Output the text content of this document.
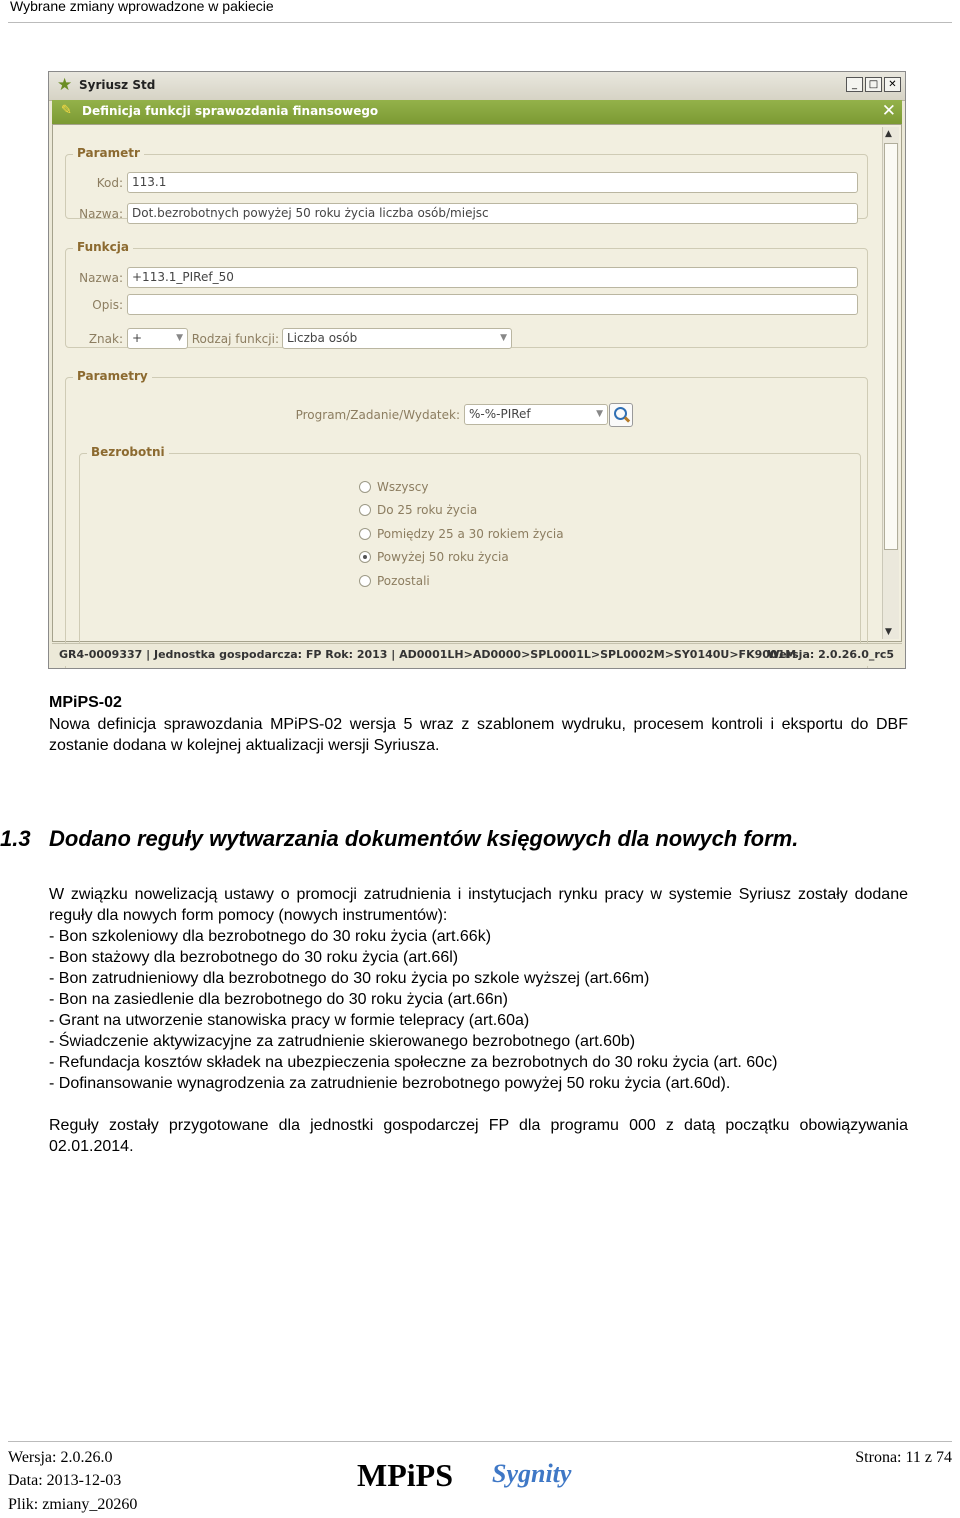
Wybrane zmiany wprowadzone w pakiecie
★ Syriusz Std	_	□	✕
✎ Definicja funkcji sprawozdania finansowego	✕
▲
▼
Parametr
Kod: 113.1
Nazwa: Dot.bezrobotnych powyżej 50 roku życia liczba osób/miejsc
Funkcja
Nazwa: +113.1_PIRef_50
Opis:
Znak: +	▼ Rodzaj funkcji: Liczba osób	▼
Parametry
Program/Zadanie/Wydatek: %-%-PIRef	▼
Bezrobotni
Wszyscy
Do 25 roku życia
Pomiędzy 25 a 30 rokiem życia
Powyżej 50 roku życia
Pozostali
GR4-0009337 | Jednostka gospodarcza: FP Rok: 2013 | AD0001LH>AD0000>SPL0001L>SPL0002M>SY0140U>FK9001M
Wersja: 2.0.26.0_rc5
MPiPS-02
Nowa definicja sprawozdania MPiPS-02 wersja 5 wraz z szablonem wydruku, procesem kontroli i eksportu do DBF zostanie dodana w kolejnej aktualizacji wersji Syriusza.
1.3 Dodano reguły wytwarzania dokumentów księgowych dla nowych form.
W związku nowelizacją ustawy o promocji zatrudnienia i instytucjach rynku pracy w systemie Syriusz zostały dodane reguły dla nowych form pomocy (nowych instrumentów):
- Bon szkoleniowy dla bezrobotnego do 30 roku życia (art.66k)
- Bon stażowy dla bezrobotnego do 30 roku życia (art.66l)
- Bon zatrudnieniowy dla bezrobotnego do 30 roku życia po szkole wyższej (art.66m)
- Bon na zasiedlenie dla bezrobotnego do 30 roku życia (art.66n)
- Grant na utworzenie stanowiska pracy w formie telepracy (art.60a)
- Świadczenie aktywizacyjne za zatrudnienie skierowanego bezrobotnego (art.60b)
- Refundacja kosztów składek na ubezpieczenia społeczne za bezrobotnych do 30 roku życia (art. 60c)
- Dofinansowanie wynagrodzenia za zatrudnienie bezrobotnego powyżej 50 roku życia (art.60d).
Reguły zostały przygotowane dla jednostki gospodarczej FP dla programu 000 z datą początku obowiązywania 02.01.2014.
Wersja: 2.0.26.0
Data: 2013-12-03
Plik: zmiany_20260
MPiPS Sygnity
Strona: 11 z 74
